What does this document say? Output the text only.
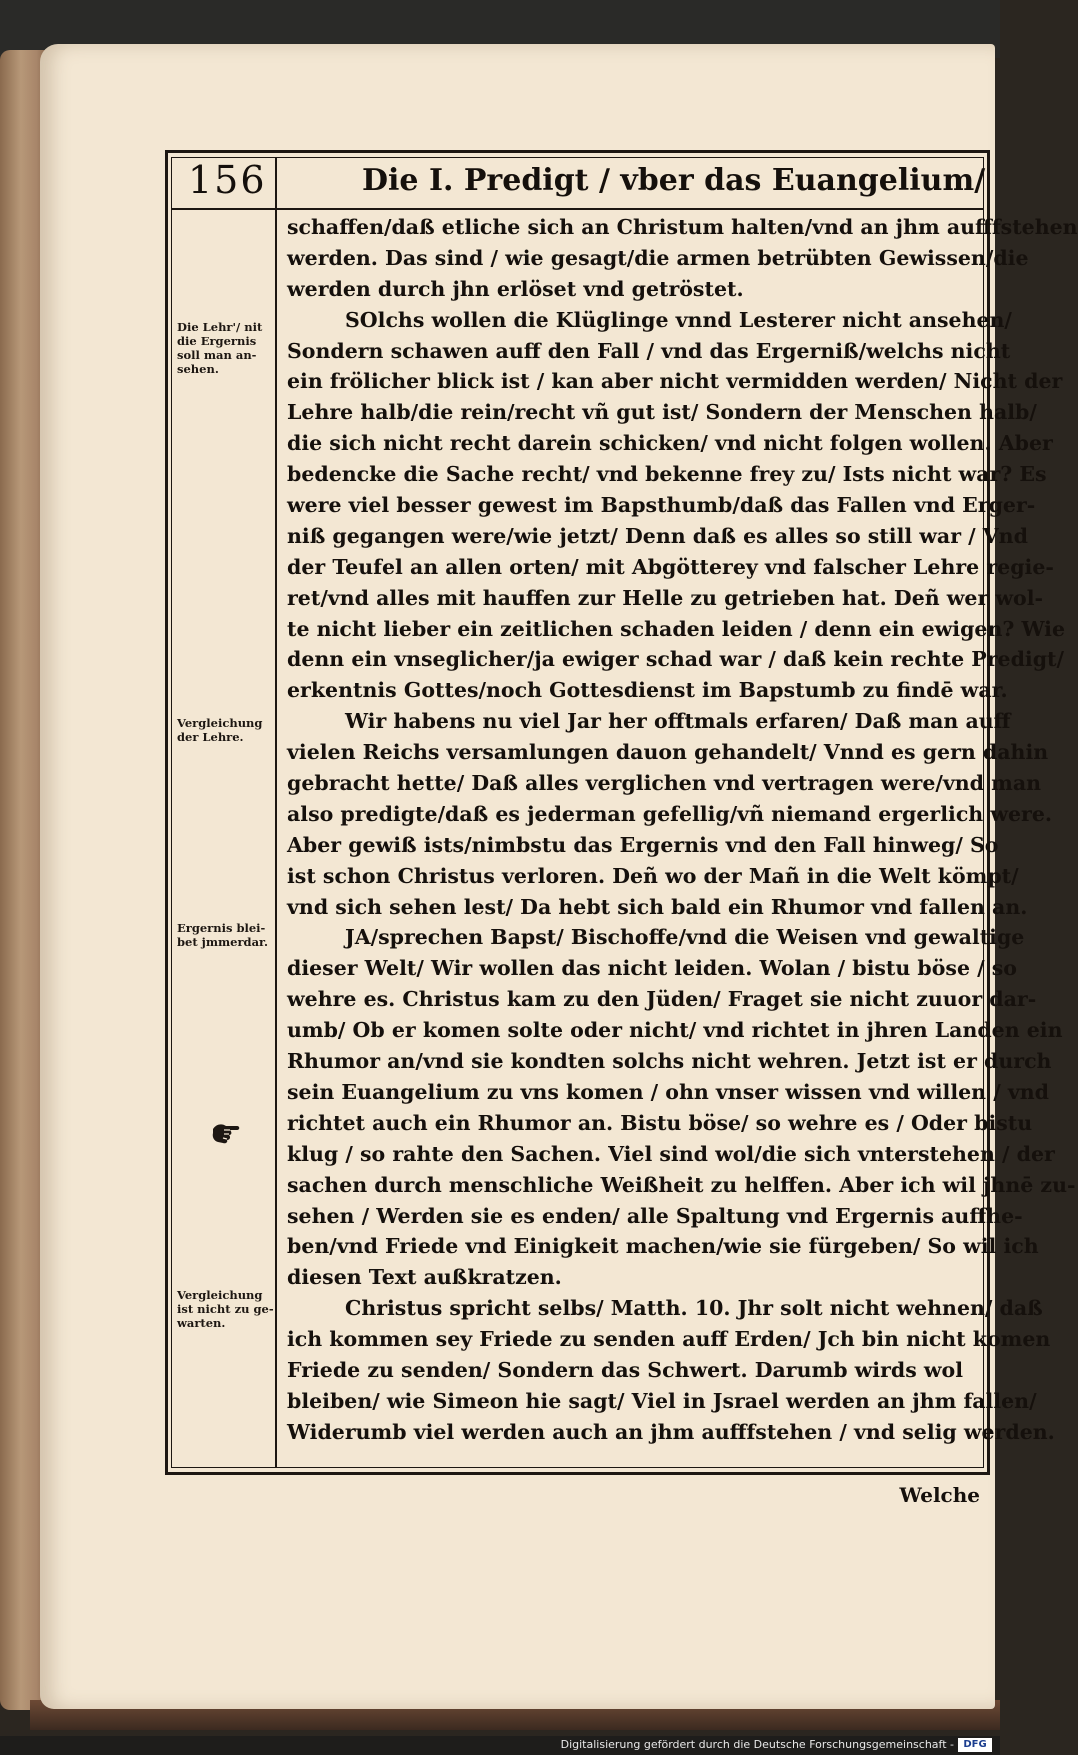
156	Die I. Predigt / vber das Euangelium/
Die Lehr'/ nit
die Ergernis
soll man an-
sehen.
Vergleichung
der Lehre.
Ergernis blei-
bet jmmerdar.
Vergleichung
ist nicht zu ge-
warten.
schaffen/daß etliche sich an Christum halten/vnd an jhm aufffstehen
werden. Das sind / wie gesagt/die armen betrübten Gewissen/die
werden durch jhn erlöset vnd getröstet.
SOlchs wollen die Klüglinge vnnd Lesterer nicht ansehen/
Sondern schawen auff den Fall / vnd das Ergerniß/welchs nicht
ein frölicher blick ist / kan aber nicht vermidden werden/ Nicht der
Lehre halb/die rein/recht vñ gut ist/ Sondern der Menschen halb/
die sich nicht recht darein schicken/ vnd nicht folgen wollen. Aber
bedencke die Sache recht/ vnd bekenne frey zu/ Ists nicht war? Es
were viel besser gewest im Bapsthumb/daß das Fallen vnd Erger-
niß gegangen were/wie jetzt/ Denn daß es alles so still war / Vnd
der Teufel an allen orten/ mit Abgötterey vnd falscher Lehre regie-
ret/vnd alles mit hauffen zur Helle zu getrieben hat. Deñ wer wol-
te nicht lieber ein zeitlichen schaden leiden / denn ein ewigen? Wie
denn ein vnseglicher/ja ewiger schad war / daß kein rechte Predigt/
erkentnis Gottes/noch Gottesdienst im Bapstumb zu findē war.
Wir habens nu viel Jar her offtmals erfaren/ Daß man auff
vielen Reichs versamlungen dauon gehandelt/ Vnnd es gern dahin
gebracht hette/ Daß alles verglichen vnd vertragen were/vnd man
also predigte/daß es jederman gefellig/vñ niemand ergerlich were.
Aber gewiß ists/nimbstu das Ergernis vnd den Fall hinweg/ So
ist schon Christus verloren. Deñ wo der Mañ in die Welt kömpt/
vnd sich sehen lest/ Da hebt sich bald ein Rhumor vnd fallen an.
JA/sprechen Bapst/ Bischoffe/vnd die Weisen vnd gewaltige
dieser Welt/ Wir wollen das nicht leiden. Wolan / bistu böse / so
wehre es. Christus kam zu den Jüden/ Fraget sie nicht zuuor dar-
umb/ Ob er komen solte oder nicht/ vnd richtet in jhren Landen ein
Rhumor an/vnd sie kondten solchs nicht wehren. Jetzt ist er durch
sein Euangelium zu vns komen / ohn vnser wissen vnd willen / vnd
richtet auch ein Rhumor an. Bistu böse/ so wehre es / Oder bistu
klug / so rahte den Sachen. Viel sind wol/die sich vnterstehen / der
sachen durch menschliche Weißheit zu helffen. Aber ich wil jhnē zu-
sehen / Werden sie es enden/ alle Spaltung vnd Ergernis auffhe-
ben/vnd Friede vnd Einigkeit machen/wie sie fürgeben/ So wil ich
diesen Text außkratzen.
Christus spricht selbs/ Matth. 10. Jhr solt nicht wehnen/ daß
ich kommen sey Friede zu senden auff Erden/ Jch bin nicht komen
Friede zu senden/ Sondern das Schwert. Darumb wirds wol
bleiben/ wie Simeon hie sagt/ Viel in Jsrael werden an jhm fallen/
Widerumb viel werden auch an jhm aufffstehen / vnd selig werden.
Welche
Digitalisierung gefördert durch die Deutsche Forschungsgemeinschaft - DFG
